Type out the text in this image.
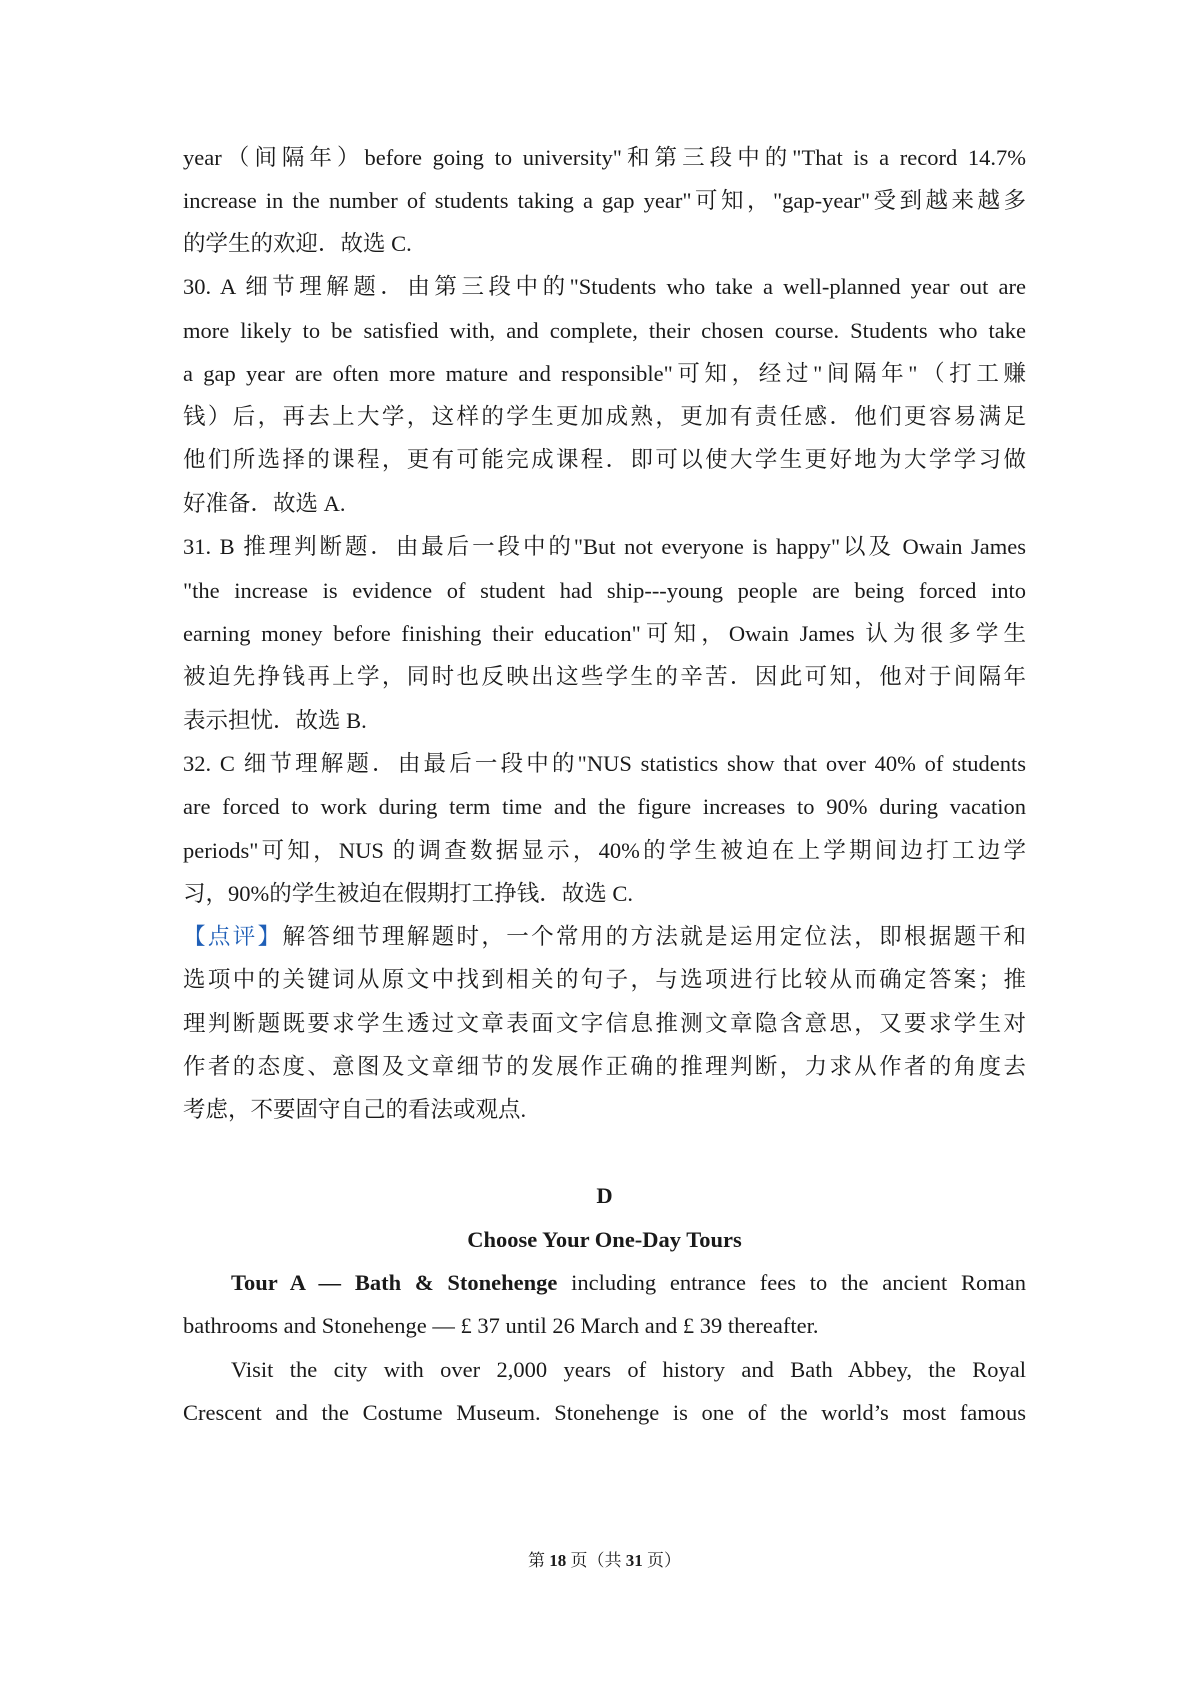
year（间隔年）before going to university"和第三段中的"That is a record 14.7%
increase in the number of students taking a gap year"可知，"gap-year"受到越来越多
的学生的欢迎．故选 C.
30. A 细节理解题．由第三段中的"Students who take a well-planned year out are
more likely to be satisfied with, and complete, their chosen course. Students who take
a gap year are often more mature and responsible"可知，经过"间隔年"（打工赚
钱）后，再去上大学，这样的学生更加成熟，更加有责任感．他们更容易满足
他们所选择的课程，更有可能完成课程．即可以使大学生更好地为大学学习做
好准备．故选 A.
31. B 推理判断题．由最后一段中的"But not everyone is happy"以及 Owain James
"the increase is evidence of student had ship---young people are being forced into
earning money before finishing their education"可知，Owain James 认为很多学生
被迫先挣钱再上学，同时也反映出这些学生的辛苦．因此可知，他对于间隔年
表示担忧．故选 B.
32. C 细节理解题．由最后一段中的"NUS statistics show that over 40% of students
are forced to work during term time and the figure increases to 90% during vacation
periods"可知，NUS 的调查数据显示，40%的学生被迫在上学期间边打工边学
习，90%的学生被迫在假期打工挣钱．故选 C.
【点评】解答细节理解题时，一个常用的方法就是运用定位法，即根据题干和
选项中的关键词从原文中找到相关的句子，与选项进行比较从而确定答案；推
理判断题既要求学生透过文章表面文字信息推测文章隐含意思，又要求学生对
作者的态度、意图及文章细节的发展作正确的推理判断，力求从作者的角度去
考虑，不要固守自己的看法或观点.
D
Choose Your One-Day Tours
Tour A — Bath & Stonehenge including entrance fees to the ancient Roman
bathrooms and Stonehenge — £ 37 until 26 March and £ 39 thereafter.
Visit the city with over 2,000 years of history and Bath Abbey, the Royal
Crescent and the Costume Museum. Stonehenge is one of the world’s most famous
第 18 页（共 31 页）
